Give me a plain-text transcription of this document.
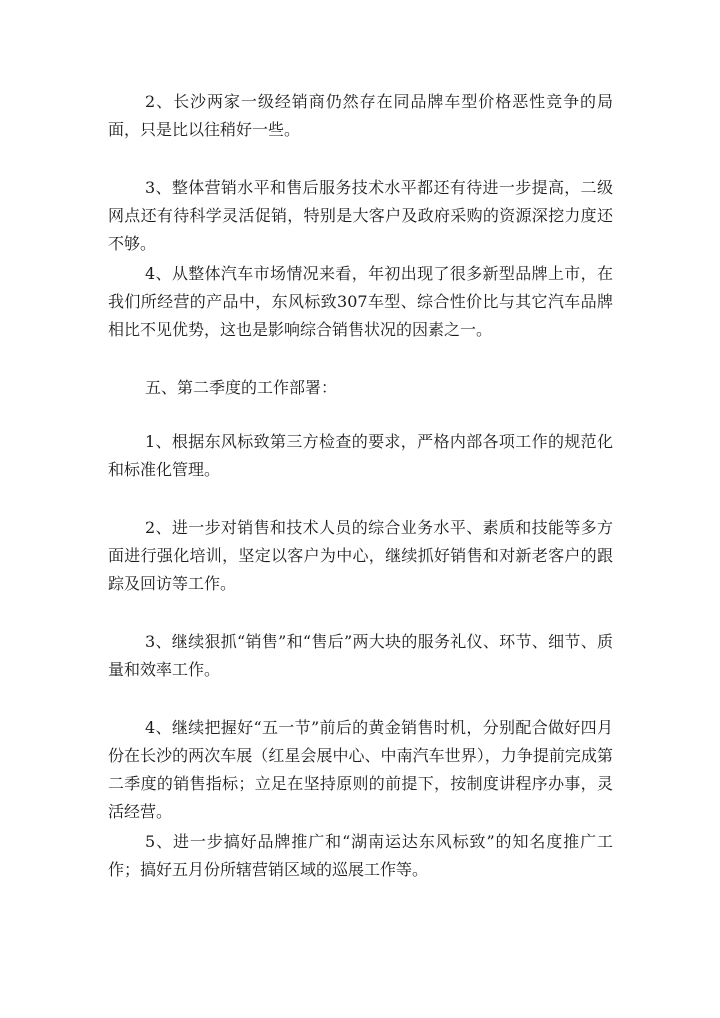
2、长沙两家一级经销商仍然存在同品牌车型价格恶性竞争的局面，只是比以往稍好一些。

3、整体营销水平和售后服务技术水平都还有待进一步提高，二级网点还有待科学灵活促销，特别是大客户及政府采购的资源深挖力度还不够。

4、从整体汽车市场情况来看，年初出现了很多新型品牌上市，在我们所经营的产品中，东风标致307车型、综合性价比与其它汽车品牌相比不见优势，这也是影响综合销售状况的因素之一。

五、第二季度的工作部署：

1、根据东风标致第三方检查的要求，严格内部各项工作的规范化和标准化管理。

2、进一步对销售和技术人员的综合业务水平、素质和技能等多方面进行强化培训，坚定以客户为中心，继续抓好销售和对新老客户的跟踪及回访等工作。

3、继续狠抓“销售”和“售后”两大块的服务礼仪、环节、细节、质量和效率工作。

4、继续把握好“五一节”前后的黄金销售时机，分别配合做好四月份在长沙的两次车展（红星会展中心、中南汽车世界），力争提前完成第二季度的销售指标；立足在坚持原则的前提下，按制度讲程序办事，灵活经营。

5、进一步搞好品牌推广和“湖南运达东风标致”的知名度推广工作；搞好五月份所辖营销区域的巡展工作等。
